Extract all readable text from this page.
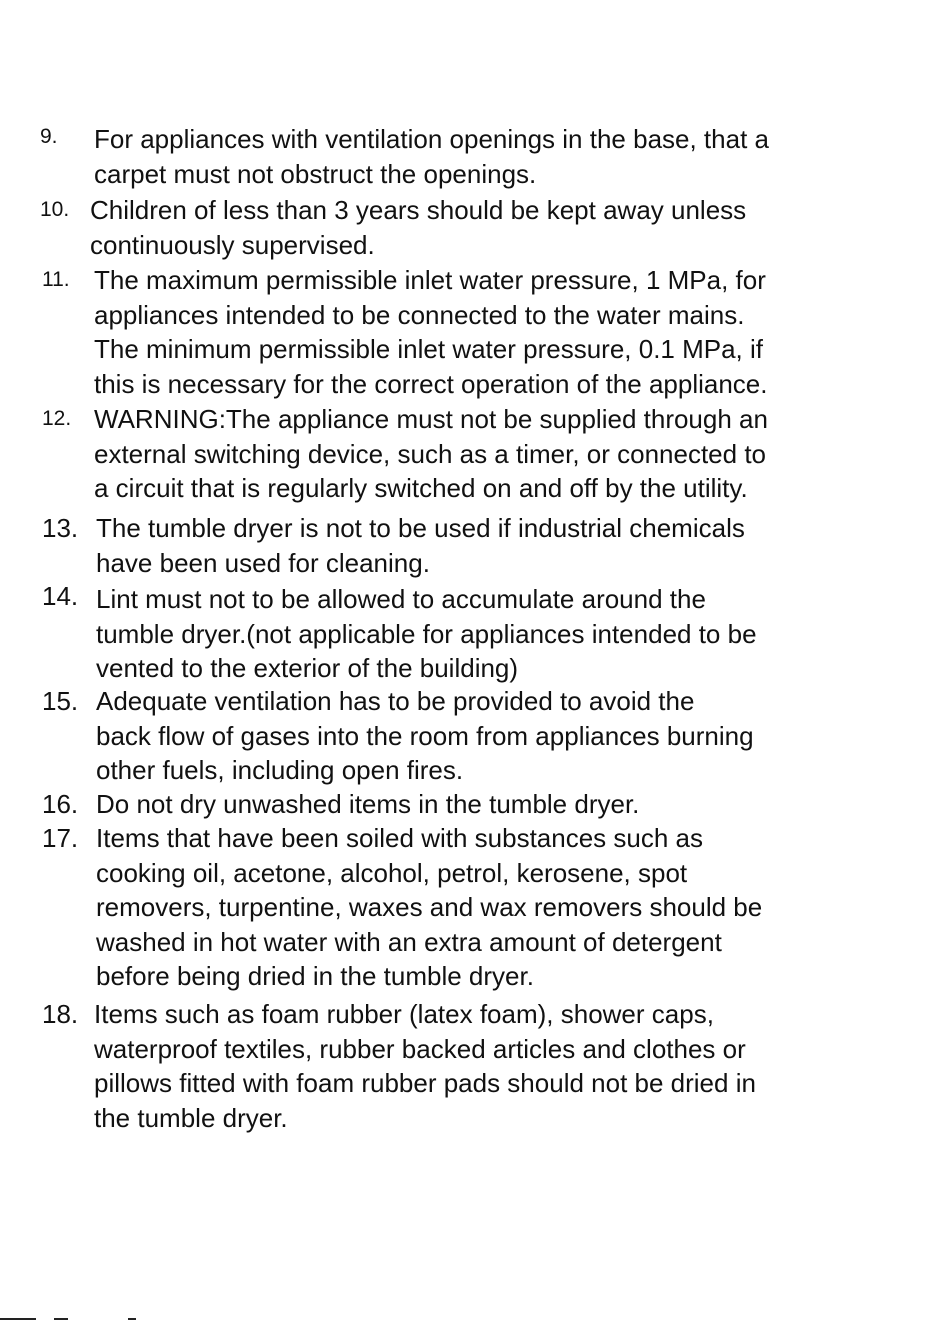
9. For appliances with ventilation openings in the base, that a
carpet must not obstruct the openings.
10. Children of less than 3 years should be kept away unless
continuously supervised.
11. The maximum permissible inlet water pressure, 1 MPa, for
appliances intended to be connected to the water mains.
The minimum permissible inlet water pressure, 0.1 MPa, if
this is necessary for the correct operation of the appliance.
12. WARNING:The appliance must not be supplied through an
external switching device, such as a timer, or connected to
a circuit that is regularly switched on and off by the utility.
13. The tumble dryer is not to be used if industrial chemicals
have been used for cleaning.
14. Lint must not to be allowed to accumulate around the
tumble dryer.(not applicable for appliances intended to be
vented to the exterior of the building)
15. Adequate ventilation has to be provided to avoid the
back flow of gases into the room from appliances burning
other fuels, including open fires.
16. Do not dry unwashed items in the tumble dryer.
17. Items that have been soiled with substances such as
cooking oil, acetone, alcohol, petrol, kerosene, spot
removers, turpentine, waxes and wax removers should be
washed in hot water with an extra amount of detergent
before being dried in the tumble dryer.
18. Items such as foam rubber (latex foam), shower caps,
waterproof textiles, rubber backed articles and clothes or
pillows fitted with foam rubber pads should not be dried in
the tumble dryer.
